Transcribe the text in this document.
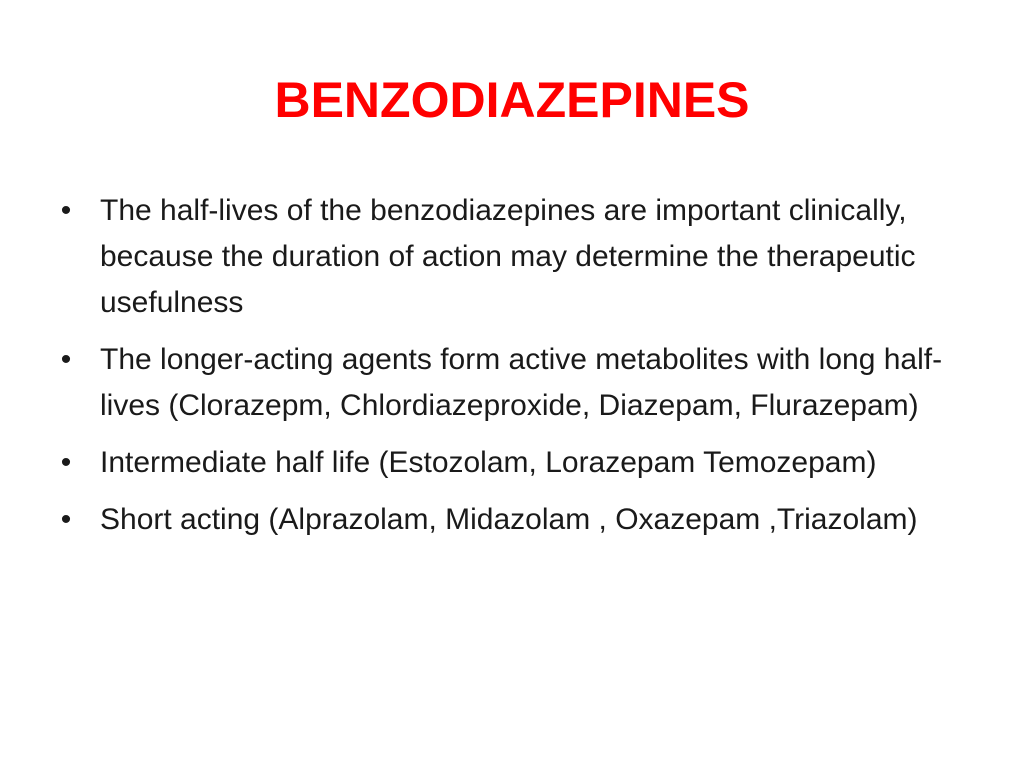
BENZODIAZEPINES
• The half-lives of the benzodiazepines are important clinically, because the duration of action may determine the therapeutic usefulness
• The longer-acting agents form active metabolites with long half-lives (Clorazepm, Chlordiazeproxide, Diazepam, Flurazepam)
• Intermediate half life (Estozolam, Lorazepam Temozepam)
• Short acting (Alprazolam, Midazolam , Oxazepam ,Triazolam)
